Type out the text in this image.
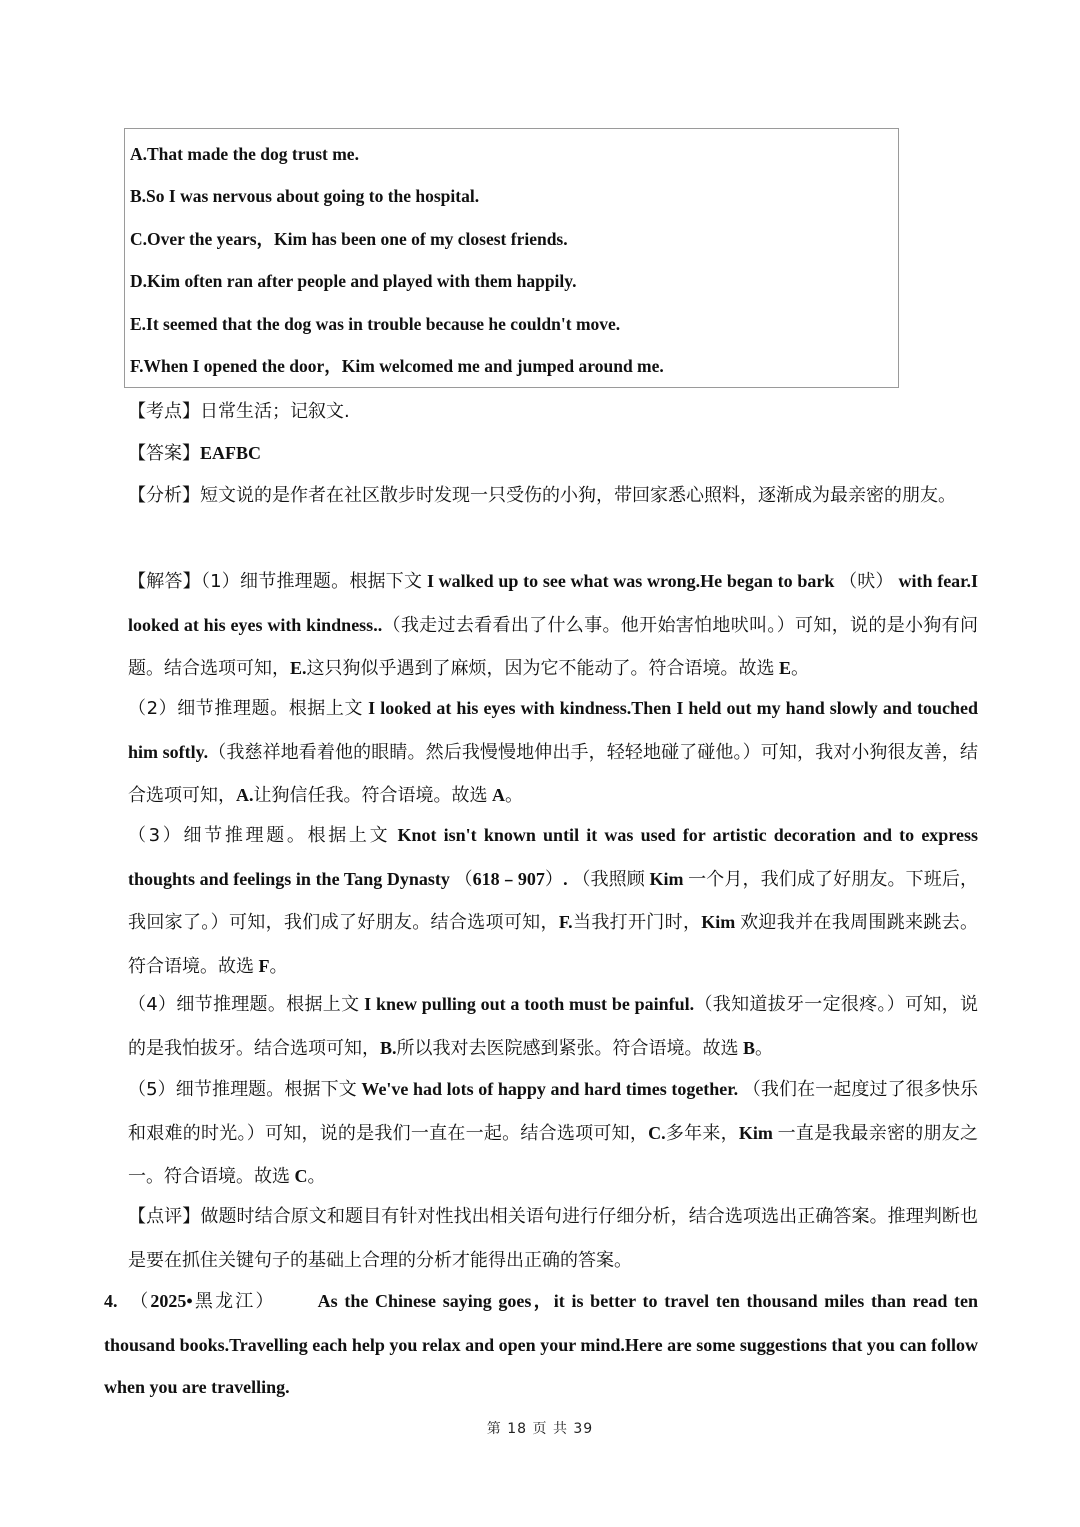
A.That made the dog trust me.
B.So I was nervous about going to the hospital.
C.Over the years，Kim has been one of my closest friends.
D.Kim often ran after people and played with them happily.
E.It seemed that the dog was in trouble because he couldn't move.
F.When I opened the door，Kim welcomed me and jumped around me.
【考点】日常生活；记叙文.
【答案】EAFBC
【分析】短文说的是作者在社区散步时发现一只受伤的小狗，带回家悉心照料，逐渐成为最亲密的朋友。
【解答】（1）细节推理题。根据下文 I walked up to see what was wrong.He began to bark （吠） with fear.I looked at his eyes with kindness..（我走过去看看出了什么事。他开始害怕地吠叫。）可知，说的是小狗有问题。结合选项可知，E.这只狗似乎遇到了麻烦，因为它不能动了。符合语境。故选 E。
（2）细节推理题。根据上文 I looked at his eyes with kindness.Then I held out my hand slowly and touched him softly.（我慈祥地看着他的眼睛。然后我慢慢地伸出手，轻轻地碰了碰他。）可知，我对小狗很友善，结合选项可知，A.让狗信任我。符合语境。故选 A。
（3）细节推理题。根据上文 Knot isn't known until it was used for artistic decoration and to express thoughts and feelings in the Tang Dynasty （618﹣907）. （我照顾 Kim 一个月，我们成了好朋友。下班后，我回家了。）可知，我们成了好朋友。结合选项可知，F.当我打开门时，Kim 欢迎我并在我周围跳来跳去。符合语境。故选 F。
（4）细节推理题。根据上文 I knew pulling out a tooth must be painful.（我知道拔牙一定很疼。）可知，说的是我怕拔牙。结合选项可知，B.所以我对去医院感到紧张。符合语境。故选 B。
（5）细节推理题。根据下文 We've had lots of happy and hard times together. （我们在一起度过了很多快乐和艰难的时光。）可知，说的是我们一直在一起。结合选项可知，C.多年来，Kim 一直是我最亲密的朋友之一。符合语境。故选 C。
【点评】做题时结合原文和题目有针对性找出相关语句进行仔细分析，结合选项选出正确答案。推理判断也是要在抓住关键句子的基础上合理的分析才能得出正确的答案。
4. （2025•黑龙江） As the Chinese saying goes，it is better to travel ten thousand miles than read ten thousand books.Travelling each help you relax and open your mind.Here are some suggestions that you can follow when you are travelling.
第 18 页 共 39
